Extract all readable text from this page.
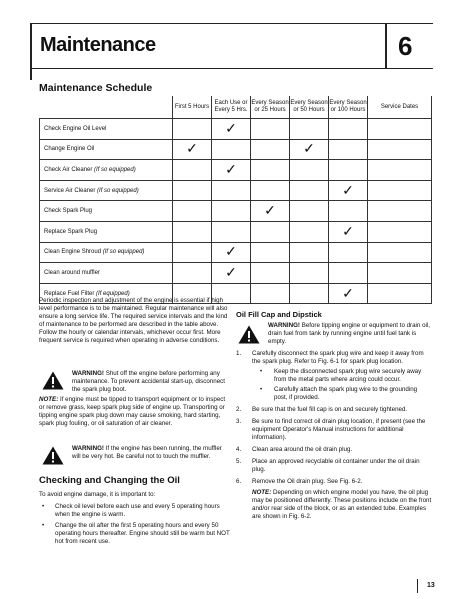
Maintenance	6
Maintenance Schedule
	First 5 Hours	Each Use or Every 5 Hrs.	Every Season or 25 Hours	Every Season or 50 Hours	Every Season or 100 Hours	Service Dates
Check Engine Oil Level		✓				
Change Engine Oil	✓			✓		
Check Air Cleaner (If so equipped)		✓				
Service Air Cleaner (If so equipped)					✓	
Check Spark Plug			✓			
Replace Spark Plug					✓	
Clean Engine Shroud (If so equipped)		✓				
Clean around muffler		✓				
Replace Fuel Filter (If equipped)					✓	
Periodic inspection and adjustment of the engine is essential if high level performance is to be maintained. Regular maintenance will also ensure a long service life. The required service intervals and the kind of maintenance to be performed are described in the table above. Follow the hourly or calendar intervals, whichever occur first. More frequent service is required when operating in adverse conditions.
WARNING! Shut off the engine before performing any maintenance. To prevent accidental start-up, disconnect the spark plug boot.
NOTE: If engine must be tipped to transport equipment or to inspect or remove grass, keep spark plug side of engine up. Transporting or tipping engine spark plug down may cause smoking, hard starting, spark plug fouling, or oil saturation of air cleaner.
WARNING! If the engine has been running, the muffler will be very hot. Be careful not to touch the muffler.
Checking and Changing the Oil
To avoid engine damage, it is important to:
• Check oil level before each use and every 5 operating hours when the engine is warm.
• Change the oil after the first 5 operating hours and every 50 operating hours thereafter. Engine should still be warm but NOT hot from recent use.
Oil Fill Cap and Dipstick
WARNING! Before tipping engine or equipment to drain oil, drain fuel from tank by running engine until fuel tank is empty.
1. Carefully disconnect the spark plug wire and keep it away from the spark plug. Refer to Fig. 6-1 for spark plug location.
• Keep the disconnected spark plug wire securely away from the metal parts where arcing could occur.
• Carefully attach the spark plug wire to the grounding post, if provided.
2. Be sure that the fuel fill cap is on and securely tightened.
3. Be sure to find correct oil drain plug location, if present (see the equipment Operator's Manual instructions for additional information).
4. Clean area around the oil drain plug.
5. Place an approved recyclable oil container under the oil drain plug.
6. Remove the Oil drain plug. See Fig. 6-2.
NOTE: Depending on which engine model you have, the oil plug may be positioned differently. These positions include on the front and/or rear side of the block, or as an extended tube. Examples are shown in Fig. 6-2.
13
